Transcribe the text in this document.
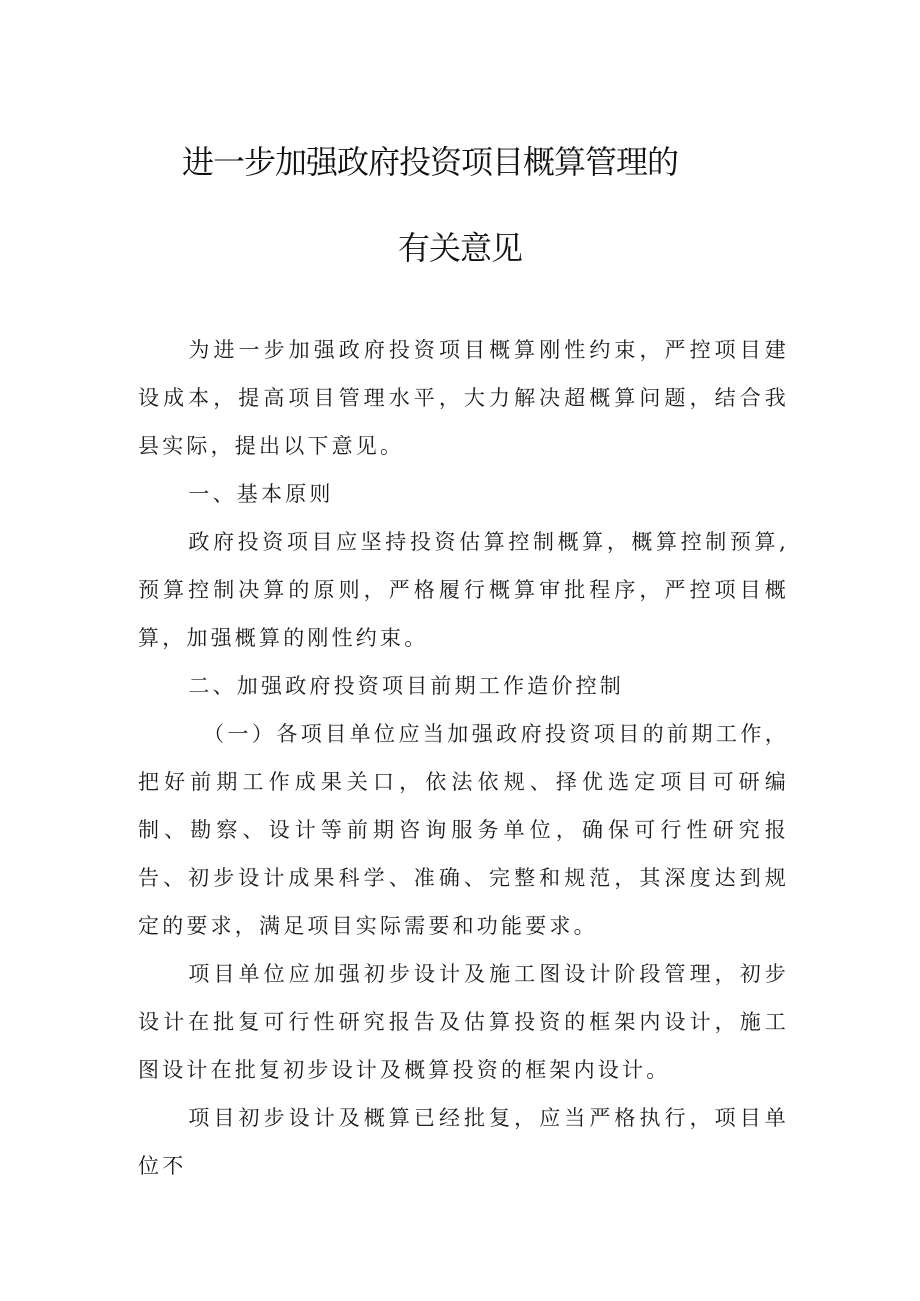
进一步加强政府投资项目概算管理的
有关意见

为进一步加强政府投资项目概算刚性约束，严控项目建设成本，提高项目管理水平，大力解决超概算问题，结合我县实际，提出以下意见。

一、基本原则

政府投资项目应坚持投资估算控制概算，概算控制预算,预算控制决算的原则，严格履行概算审批程序，严控项目概算，加强概算的刚性约束。

二、加强政府投资项目前期工作造价控制

（一）各项目单位应当加强政府投资项目的前期工作，把好前期工作成果关口，依法依规、择优选定项目可研编制、勘察、设计等前期咨询服务单位，确保可行性研究报告、初步设计成果科学、准确、完整和规范，其深度达到规定的要求，满足项目实际需要和功能要求。

项目单位应加强初步设计及施工图设计阶段管理，初步设计在批复可行性研究报告及估算投资的框架内设计，施工图设计在批复初步设计及概算投资的框架内设计。

项目初步设计及概算已经批复，应当严格执行，项目单位不
